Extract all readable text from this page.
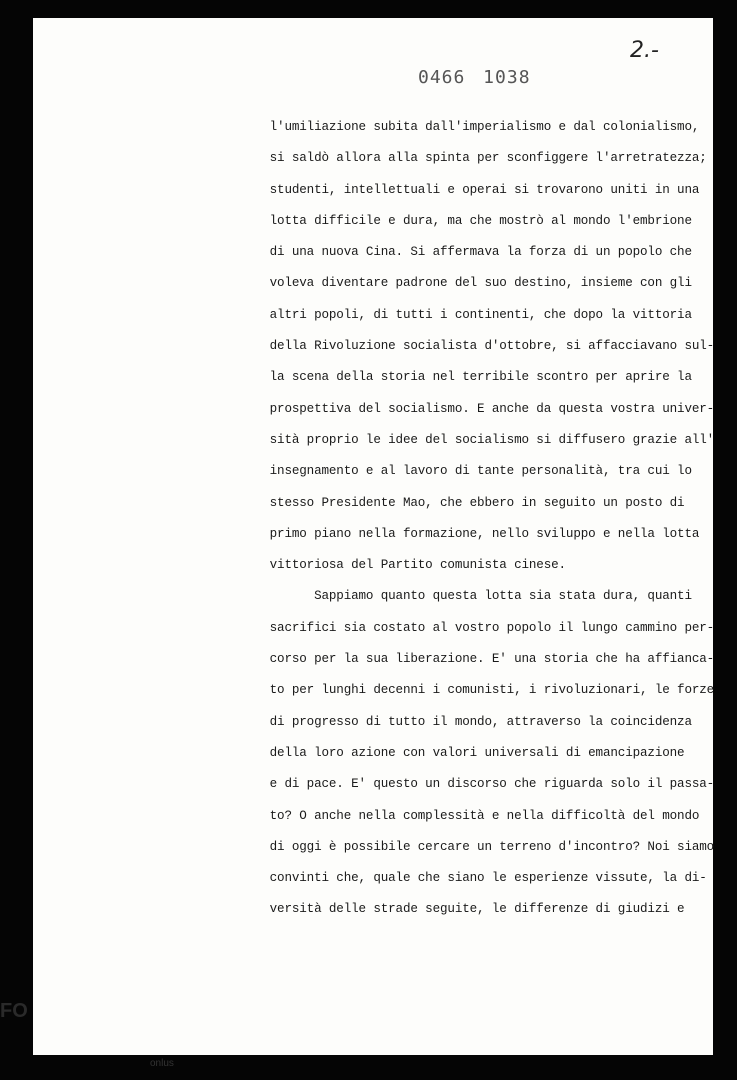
2.-
0466 1038
l'umiliazione subita dall'imperialismo e dal colonialismo,
si saldò allora alla spinta per sconfiggere l'arretratezza;
studenti, intellettuali e operai si trovarono uniti in una
lotta difficile e dura, ma che mostrò al mondo l'embrione
di una nuova Cina. Si affermava la forza di un popolo che
voleva diventare padrone del suo destino, insieme con gli
altri popoli, di tutti i continenti, che dopo la vittoria
della Rivoluzione socialista d'ottobre, si affacciavano sul-
la scena della storia nel terribile scontro per aprire la
prospettiva del socialismo. E anche da questa vostra univer-
sità proprio le idee del socialismo si diffusero grazie all'
insegnamento e al lavoro di tante personalità, tra cui lo
stesso Presidente Mao, che ebbero in seguito un posto di
primo piano nella formazione, nello sviluppo e nella lotta
vittoriosa del Partito comunista cinese.
Sappiamo quanto questa lotta sia stata dura, quanti
sacrifici sia costato al vostro popolo il lungo cammino per-
corso per la sua liberazione. E' una storia che ha affianca-
to per lunghi decenni i comunisti, i rivoluzionari, le forze
di progresso di tutto il mondo, attraverso la coincidenza
della loro azione con valori universali di emancipazione
e di pace. E' questo un discorso che riguarda solo il passa-
to? O anche nella complessità e nella difficoltà del mondo
di oggi è possibile cercare un terreno d'incontro? Noi siamo
convinti che, quale che siano le esperienze vissute, la di-
versità delle strade seguite, le differenze di giudizi e
FO
onlus
